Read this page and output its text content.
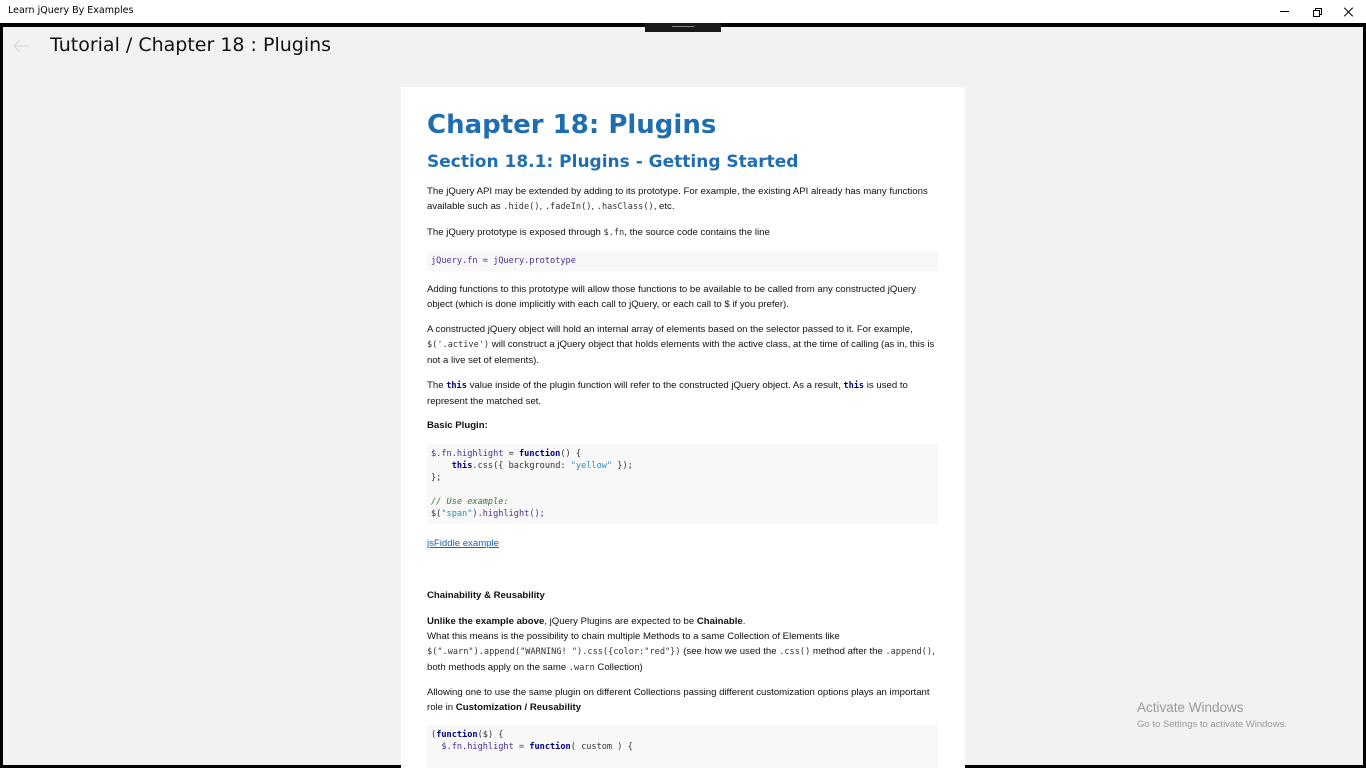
Learn jQuery By Examples
Tutorial / Chapter 18 : Plugins
Chapter 18: Plugins
Section 18.1: Plugins - Getting Started
The jQuery API may be extended by adding to its prototype. For example, the existing API already has many functions available such as .hide(), .fadeIn(), .hasClass(), etc.
The jQuery prototype is exposed through $.fn, the source code contains the line
jQuery.fn = jQuery.prototype
Adding functions to this prototype will allow those functions to be available to be called from any constructed jQuery object (which is done implicitly with each call to jQuery, or each call to $ if you prefer).
A constructed jQuery object will hold an internal array of elements based on the selector passed to it. For example, $('.active') will construct a jQuery object that holds elements with the active class, at the time of calling (as in, this is not a live set of elements).
The this value inside of the plugin function will refer to the constructed jQuery object. As a result, this is used to represent the matched set.
Basic Plugin:
$.fn.highlight = function() {
this.css({ background: "yellow" });
};

// Use example:
$("span").highlight();
jsFiddle example
Chainability & Reusability
Unlike the example above, jQuery Plugins are expected to be Chainable.
What this means is the possibility to chain multiple Methods to a same Collection of Elements like
$(".warn").append("WARNING! ").css({color:"red"}) (see how we used the .css() method after the .append(), both methods apply on the same .warn Collection)
Allowing one to use the same plugin on different Collections passing different customization options plays an important role in Customization / Reusability
(function($) {
$.fn.highlight = function( custom ) {
Activate Windows
Go to Settings to activate Windows.
